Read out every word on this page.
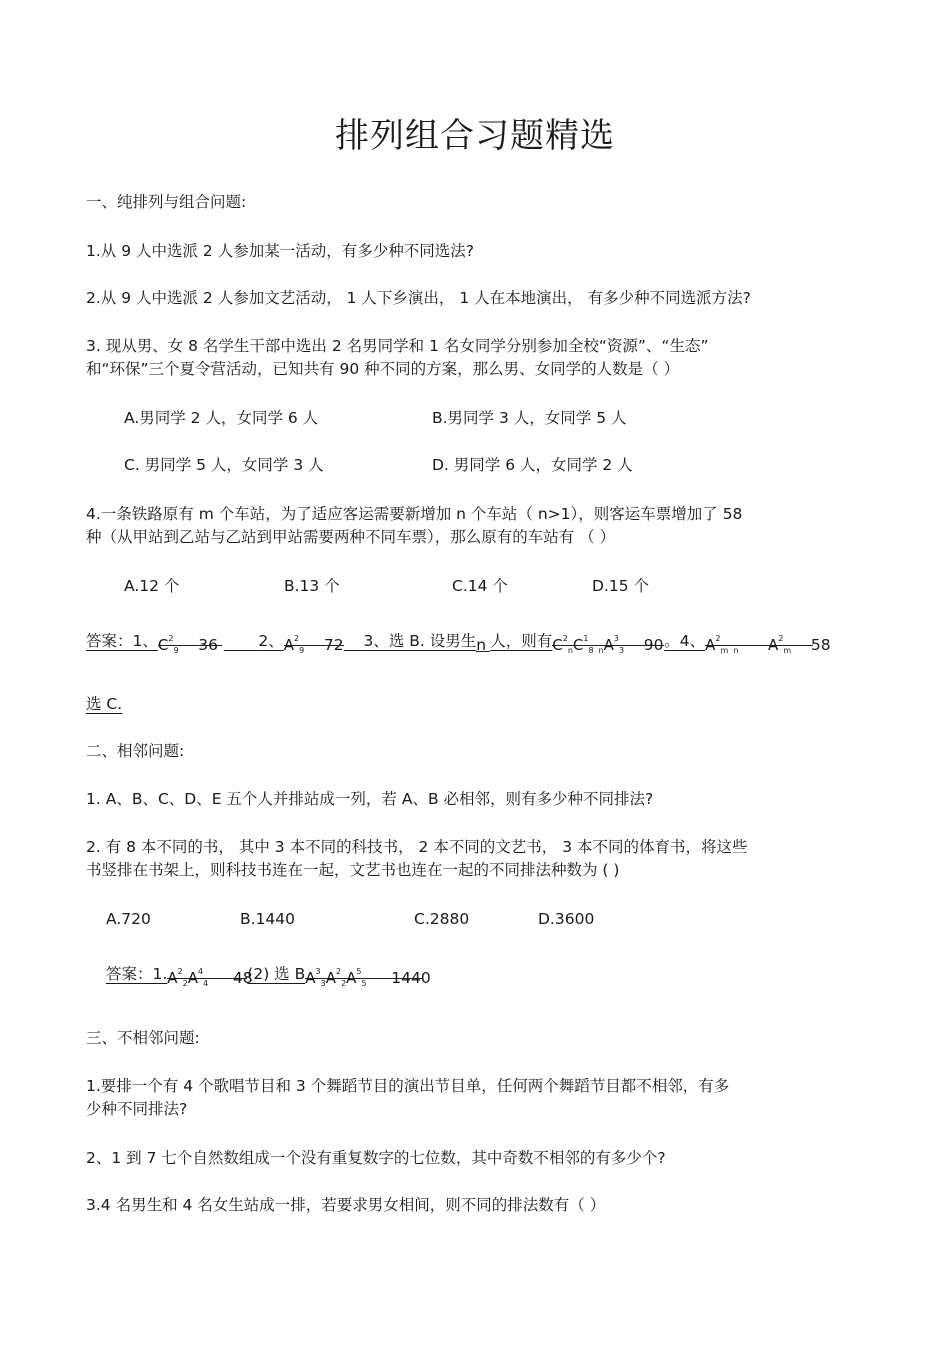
排列组合习题精选
一、纯排列与组合问题:
1.从 9 人中选派 2 人参加某一活动，有多少种不同选法?
2.从 9 人中选派 2 人参加文艺活动， 1 人下乡演出， 1 人在本地演出， 有多少种不同选派方法?
3. 现从男、女 8 名学生干部中选出 2 名男同学和 1 名女同学分别参加全校“资源”、“生态”
和“环保”三个夏令营活动，已知共有 90 种不同的方案，那么男、女同学的人数是（ ）
A.男同学 2 人，女同学 6 人	B.男同学 3 人，女同学 5 人
C. 男同学 5 人，女同学 3 人	D. 男同学 6 人，女同学 2 人
4.一条铁路原有 m 个车站，为了适应客运需要新增加 n 个车站（ n>1），则客运车票增加了 58
种（从甲站到乙站与乙站到甲站需要两种不同车票），那么原有的车站有 （ ）
A.12 个	B.13 个	C.14 个	D.15 个
答案：1、$C^2_9$ 36	2、$A^2_9$ 72 3、选 B. 设男生n 人，则有$C^2_nC^1_8$ $_nA^3_3$ 90。4、$A^2_{m n}$ $A^2_m$ 58
选 C.
二、相邻问题:
1. A、B、C、D、E 五个人并排站成一列，若 A、B 必相邻，则有多少种不同排法?
2. 有 8 本不同的书， 其中 3 本不同的科技书， 2 本不同的文艺书， 3 本不同的体育书，将这些
书竖排在书架上，则科技书连在一起，文艺书也连在一起的不同排法种数为 ( )
A.720	B.1440	C.2880	D.3600
答案：$1.A^2_2A^4_4$ 48(2) 选 $BA^3_3A^2_2A^5_5$ 1440
三、不相邻问题:
1.要排一个有 4 个歌唱节目和 3 个舞蹈节目的演出节目单，任何两个舞蹈节目都不相邻，有多
少种不同排法?
2、1 到 7 七个自然数组成一个没有重复数字的七位数，其中奇数不相邻的有多少个?
3.4 名男生和 4 名女生站成一排，若要求男女相间，则不同的排法数有（ ）
